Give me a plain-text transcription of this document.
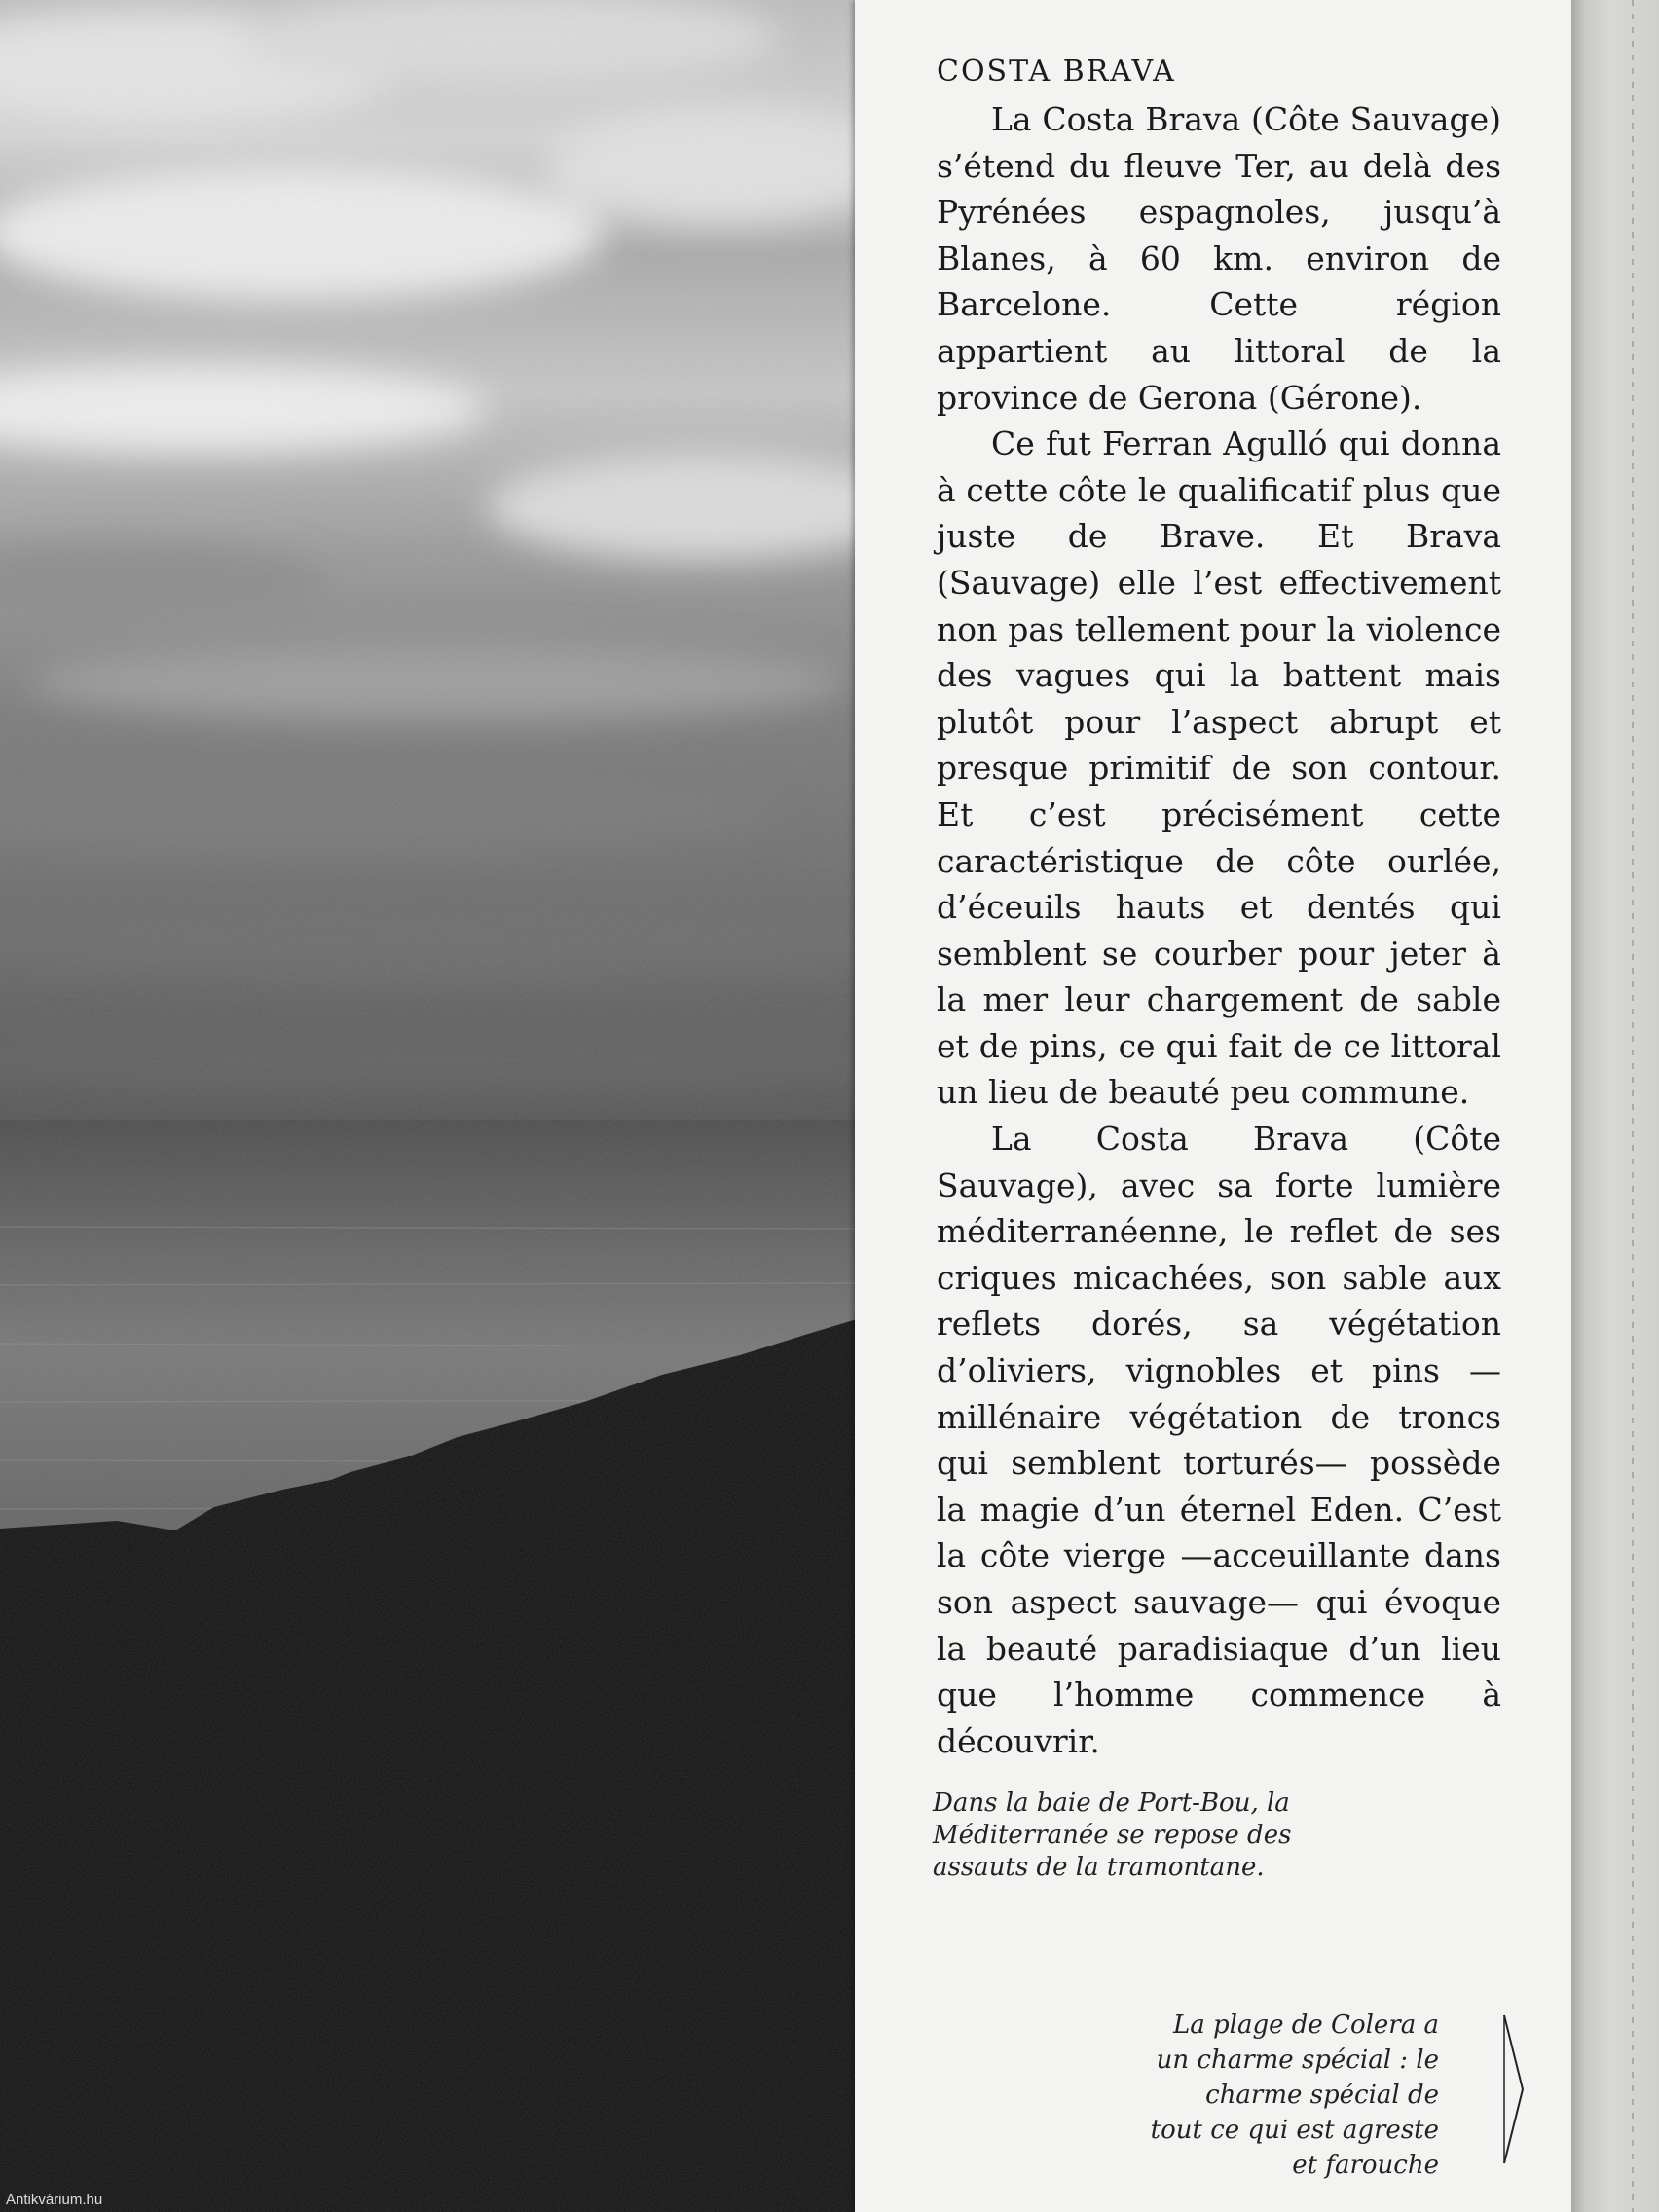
Antikvárium.hu
COSTA BRAVA

La Costa Brava (Côte Sauvage) s’étend du fleuve Ter, au delà des Pyrénées espagnoles, jusqu’à Blanes, à 60 km. environ de Barcelone. Cette région appartient au littoral de la province de Gerona (Gérone).

Ce fut Ferran Agulló qui donna à cette côte le qualificatif plus que juste de Brave. Et Brava (Sauvage) elle l’est effectivement non pas tellement pour la violence des vagues qui la battent mais plutôt pour l’aspect abrupt et presque primitif de son contour. Et c’est précisément cette caractéristique de côte ourlée, d’éceuils hauts et dentés qui semblent se courber pour jeter à la mer leur chargement de sable et de pins, ce qui fait de ce littoral un lieu de beauté peu commune.

La Costa Brava (Côte Sauvage), avec sa forte lumière méditerranéenne, le reflet de ses criques micachées, son sable aux reflets dorés, sa végétation d’oliviers, vignobles et pins —millénaire végétation de troncs qui semblent torturés— possède la magie d’un éternel Eden. C’est la côte vierge —acceuillante dans son aspect sauvage— qui évoque la beauté paradisiaque d’un lieu que l’homme commence à découvrir.

Dans la baie de Port-Bou, la Méditerranée se repose des assauts de la tramontane.
La plage de Colera a un charme spécial : le charme spécial de tout ce qui est agreste et farouche
